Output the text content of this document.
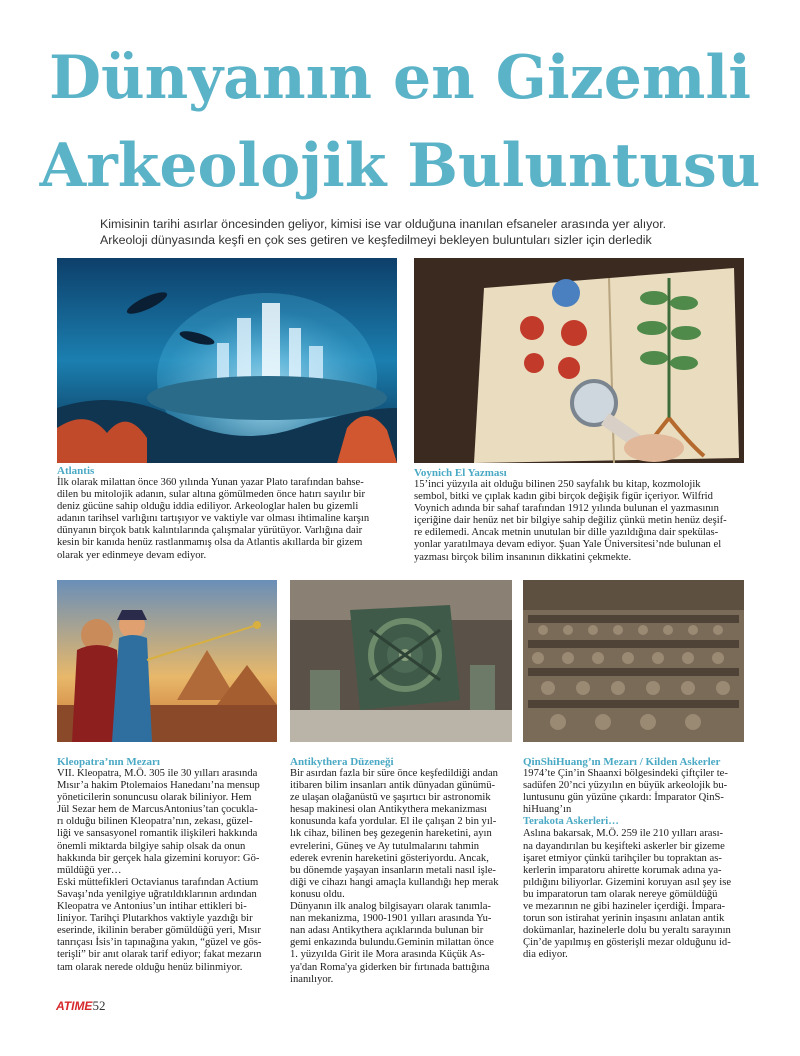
Dünyanın en Gizemli
Arkeolojik Buluntusu
Kimisinin tarihi asırlar öncesinden geliyor, kimisi ise var olduğuna inanılan efsaneler arasında yer alıyor.
Arkeoloji dünyasında keşfi en çok ses getiren ve keşfedilmeyi bekleyen buluntuları sizler için derledik
Atlantis
İlk olarak milattan önce 360 yılında Yunan yazar Plato tarafından bahse-
dilen bu mitolojik adanın, sular altına gömülmeden önce hatırı sayılır bir
deniz gücüne sahip olduğu iddia ediliyor. Arkeologlar halen bu gizemli
adanın tarihsel varlığını tartışıyor ve vaktiyle var olması ihtimaline karşın
dünyanın birçok batık kalıntılarında çalışmalar yürütüyor. Varlığına dair
kesin bir kanıda henüz rastlanmamış olsa da Atlantis akıllarda bir gizem
olarak yer edinmeye devam ediyor.
Voynich El Yazması
15’inci yüzyıla ait olduğu bilinen 250 sayfalık bu kitap, kozmolojik
sembol, bitki ve çıplak kadın gibi birçok değişik figür içeriyor. Wilfrid
Voynich adında bir sahaf tarafından 1912 yılında bulunan el yazmasının
içeriğine dair henüz net bir bilgiye sahip değiliz çünkü metin henüz deşif-
re edilemedi. Ancak metnin unutulan bir dille yazıldığına dair spekülas-
yonlar yaratılmaya devam ediyor. Şuan Yale Üniversitesi’nde bulunan el
yazması birçok bilim insanının dikkatini çekmekte.
Kleopatra’nın Mezarı
VII. Kleopatra, M.Ö. 305 ile 30 yılları arasında
Mısır’a hakim Ptolemaios Hanedanı’na mensup
yöneticilerin sonuncusu olarak biliniyor. Hem
Jül Sezar hem de MarcusAntonius’tan çocukla-
rı olduğu bilinen Kleopatra’nın, zekası, güzel-
liği ve sansasyonel romantik ilişkileri hakkında
önemli miktarda bilgiye sahip olsak da onun
hakkında bir gerçek hala gizemini koruyor: Gö-
müldüğü yer…
Eski müttefikleri Octavianus tarafından Actium
Savaşı’nda yenilgiye uğratıldıklarının ardından
Kleopatra ve Antonius’un intihar ettikleri bi-
liniyor. Tarihçi Plutarkhos vaktiyle yazdığı bir
eserinde, ikilinin beraber gömüldüğü yeri, Mısır
tanrıçası İsis’in tapınağına yakın, “güzel ve gös-
terişli” bir anıt olarak tarif ediyor; fakat mezarın
tam olarak nerede olduğu henüz bilinmiyor.
Antikythera Düzeneği
Bir asırdan fazla bir süre önce keşfedildiği andan
itibaren bilim insanları antik dünyadan günümü-
ze ulaşan olağanüstü ve şaşırtıcı bir astronomik
hesap makinesi olan Antikythera mekanizması
konusunda kafa yordular. El ile çalışan 2 bin yıl-
lık cihaz, bilinen beş gezegenin hareketini, ayın
evrelerini, Güneş ve Ay tutulmalarını tahmin
ederek evrenin hareketini gösteriyordu. Ancak,
bu dönemde yaşayan insanların metali nasıl işle-
diği ve cihazı hangi amaçla kullandığı hep merak
konusu oldu.
Dünyanın ilk analog bilgisayarı olarak tanımla-
nan mekanizma, 1900-1901 yılları arasında Yu-
nan adası Antikythera açıklarında bulunan bir
gemi enkazında bulundu.Geminin milattan önce
1. yüzyılda Girit ile Mora arasında Küçük As-
ya'dan Roma'ya giderken bir fırtınada battığına
inanılıyor.
QinShiHuang’ın Mezarı / Kilden Askerler
1974’te Çin’in Shaanxi bölgesindeki çiftçiler te-
sadüfen 20’nci yüzyılın en büyük arkeolojik bu-
luntusunu gün yüzüne çıkardı: İmparator QinS-
hiHuang’ın
Terakota Askerleri…
Aslına bakarsak, M.Ö. 259 ile 210 yılları arası-
na dayandırılan bu keşifteki askerler bir gizeme
işaret etmiyor çünkü tarihçiler bu topraktan as-
kerlerin imparatoru ahirette korumak adına ya-
pıldığını biliyorlar. Gizemini koruyan asıl şey ise
bu imparatorun tam olarak nereye gömüldüğü
ve mezarının ne gibi hazineler içerdiği. İmpara-
torun son istirahat yerinin inşasını anlatan antik
dokümanlar, hazinelerle dolu bu yeraltı sarayının
Çin’de yapılmış en gösterişli mezar olduğunu id-
dia ediyor.
ATIME52
